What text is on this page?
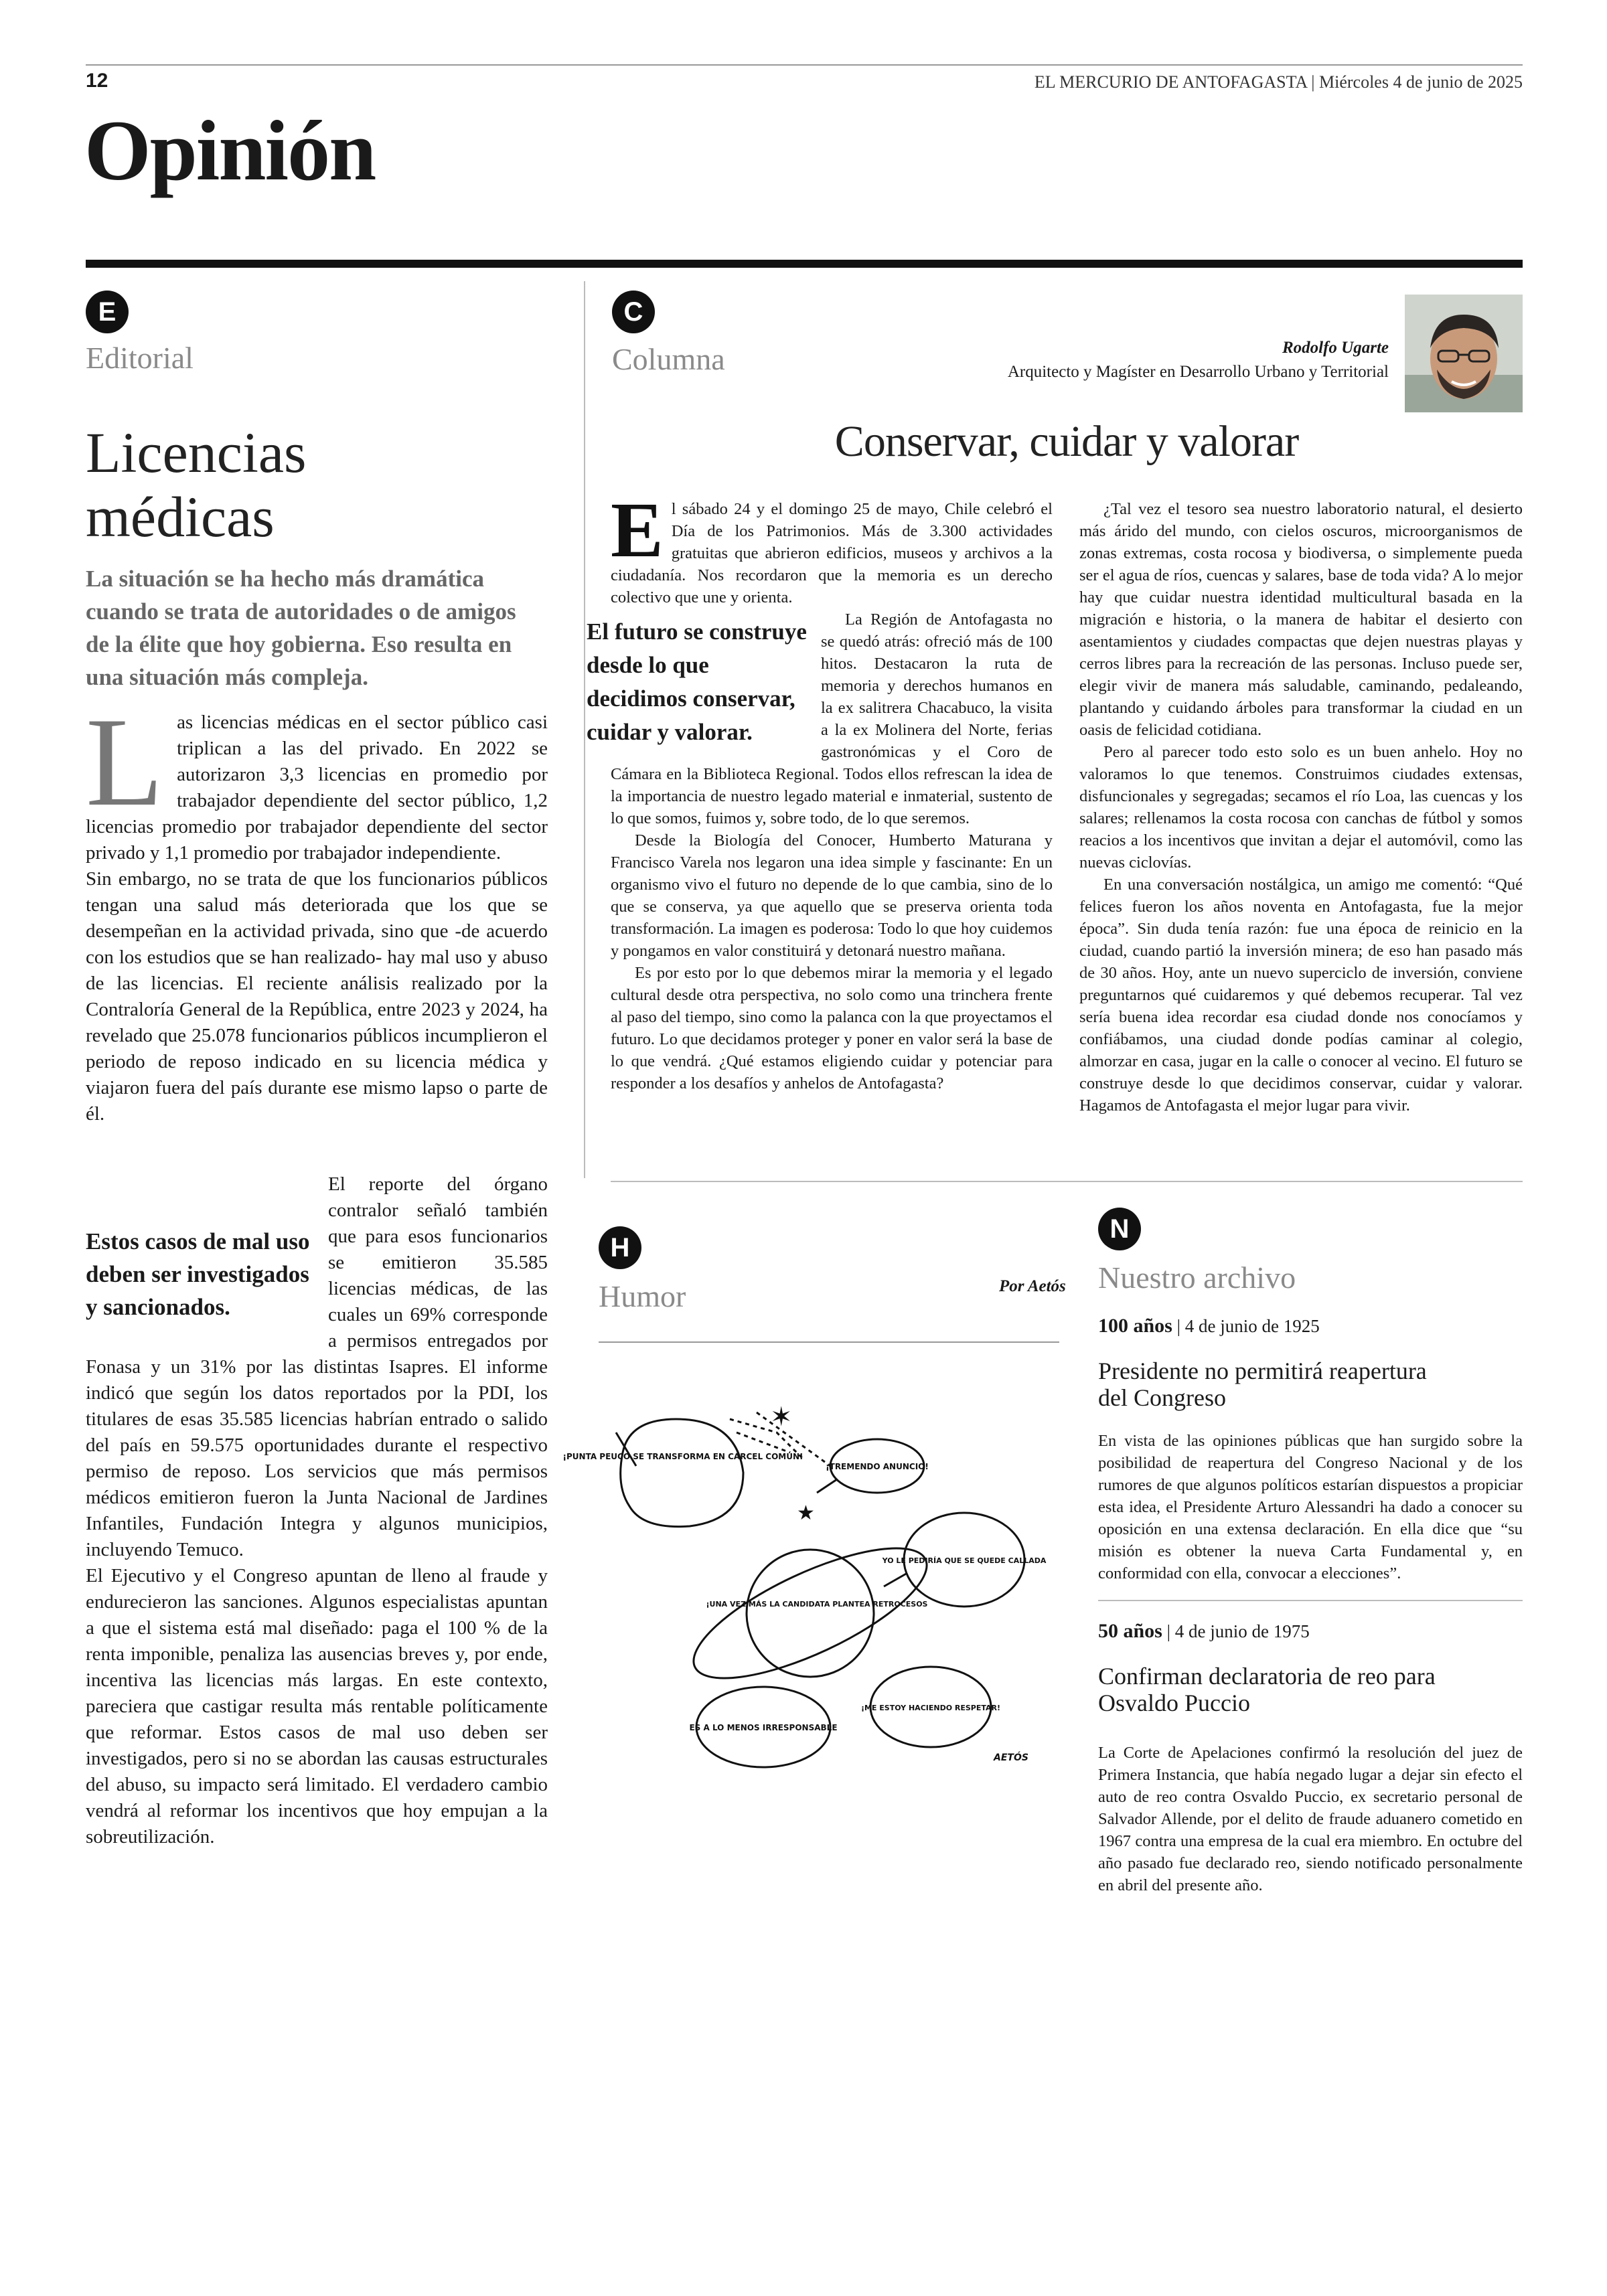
12	EL MERCURIO DE ANTOFAGASTA | Miércoles 4 de junio de 2025
Opinión
E
Editorial
Licencias
médicas
La situación se ha hecho más dramática cuando se trata de autoridades o de amigos de la élite que hoy gobierna. Eso resulta en una situación más compleja.
L as licencias médicas en el sector público casi triplican a las del privado. En 2022 se autorizaron 3,3 licencias en promedio por trabajador dependiente del sector público, 1,2 licencias promedio por trabajador dependiente del sector privado y 1,1 promedio por trabajador independiente.

Sin embargo, no se trata de que los funcionarios públicos tengan una salud más deteriorada que los que se desempeñan en la actividad privada, sino que -de acuerdo con los estudios que se han realizado- hay mal uso y abuso de las licencias. El reciente análisis realizado por la Contraloría General de la República, entre 2023 y 2024, ha revelado que 25.078 funcionarios públicos incumplieron el periodo de reposo indicado en su licencia médica y viajaron fuera del país durante ese mismo lapso o parte de él.

Estos casos de mal uso deben ser investigados y sancionados.

El reporte del órgano contralor señaló también que para esos funcionarios se emitieron 35.585 licencias médicas, de las cuales un 69% corresponde a permisos entregados por Fonasa y un 31% por las distintas Isapres. El informe indicó que según los datos reportados por la PDI, los titulares de esas 35.585 licencias habrían entrado o salido del país en 59.575 oportunidades durante el respectivo permiso de reposo. Los servicios que más permisos médicos emitieron fueron la Junta Nacional de Jardines Infantiles, Fundación Integra y algunos municipios, incluyendo Temuco.

El Ejecutivo y el Congreso apuntan de lleno al fraude y endurecieron las sanciones. Algunos especialistas apuntan a que el sistema está mal diseñado: paga el 100 % de la renta imponible, penaliza las ausencias breves y, por ende, incentiva las licencias más largas. En este contexto, pareciera que castigar resulta más rentable políticamente que reformar. Estos casos de mal uso deben ser investigados, pero si no se abordan las causas estructurales del abuso, su impacto será limitado. El verdadero cambio vendrá al reformar los incentivos que hoy empujan a la sobreutilización.

C
Columna	Rodolfo Ugarte
Arquitecto y Magíster en Desarrollo Urbano y Territorial
Conservar, cuidar y valorar

El sábado 24 y el domingo 25 de mayo, Chile celebró el Día de los Patrimonios. Más de 3.300 actividades gratuitas que abrieron edificios, museos y archivos a la ciudadanía. Nos recordaron que la memoria es un derecho colectivo que une y orienta.

El futuro se construye desde lo que decidimos conservar, cuidar y valorar.
La Región de Antofagasta no se quedó atrás: ofreció más de 100 hitos. Destacaron la ruta de memoria y derechos humanos en la ex salitrera Chacabuco, la visita a la ex Molinera del Norte, ferias gastronómicas y el Coro de Cámara en la Biblioteca Regional. Todos ellos refrescan la idea de la importancia de nuestro legado material e inmaterial, sustento de lo que somos, fuimos y, sobre todo, de lo que seremos.

Desde la Biología del Conocer, Humberto Maturana y Francisco Varela nos legaron una idea simple y fascinante: En un organismo vivo el futuro no depende de lo que cambia, sino de lo que se conserva, ya que aquello que se preserva orienta toda transformación. La imagen es poderosa: Todo lo que hoy cuidemos y pongamos en valor constituirá y detonará nuestro mañana.

Es por esto por lo que debemos mirar la memoria y el legado cultural desde otra perspectiva, no solo como una trinchera frente al paso del tiempo, sino como la palanca con la que proyectamos el futuro. Lo que decidamos proteger y poner en valor será la base de lo que vendrá. ¿Qué estamos eligiendo cuidar y potenciar para responder a los desafíos y anhelos de Antofagasta?

¿Tal vez el tesoro sea nuestro laboratorio natural, el desierto más árido del mundo, con cielos oscuros, microorganismos de zonas extremas, costa rocosa y biodiversa, o simplemente pueda ser el agua de ríos, cuencas y salares, base de toda vida? A lo mejor hay que cuidar nuestra identidad multicultural basada en la migración e historia, o la manera de habitar el desierto con asentamientos y ciudades compactas que dejen nuestras playas y cerros libres para la recreación de las personas. Incluso puede ser, elegir vivir de manera más saludable, caminando, pedaleando, plantando y cuidando árboles para transformar la ciudad en un oasis de felicidad cotidiana.

Pero al parecer todo esto solo es un buen anhelo. Hoy no valoramos lo que tenemos. Construimos ciudades extensas, disfuncionales y segregadas; secamos el río Loa, las cuencas y los salares; rellenamos la costa rocosa con canchas de fútbol y somos reacios a los incentivos que invitan a dejar el automóvil, como las nuevas ciclovías.

En una conversación nostálgica, un amigo me comentó: “Qué felices fueron los años noventa en Antofagasta, fue la mejor época”. Sin duda tenía razón: fue una época de reinicio en la ciudad, cuando partió la inversión minera; de eso han pasado más de 30 años. Hoy, ante un nuevo superciclo de inversión, conviene preguntarnos qué cuidaremos y qué debemos recuperar. Tal vez sería buena idea recordar esa ciudad donde nos conocíamos y confiábamos, una ciudad donde podías caminar al colegio, almorzar en casa, jugar en la calle o conocer al vecino. El futuro se construye desde lo que decidimos conservar, cuidar y valorar. Hagamos de Antofagasta el mejor lugar para vivir.

H
Humor	Por Aetós
✶
★
¡PUNTA PEUCO SE TRANSFORMA EN CÁRCEL COMÚN!
¡TREMENDO ANUNCIO!
YO LE PEDIRÍA QUE SE QUEDE CALLADA
¡UNA VEZ MÁS LA CANDIDATA PLANTEA RETROCESOS
ES A LO MENOS IRRESPONSABLE
¡ME ESTOY HACIENDO RESPETAR!
AETÓS
N
Nuestro archivo
100 años | 4 de junio de 1925
Presidente no permitirá reapertura del Congreso
En vista de las opiniones públicas que han surgido sobre la posibilidad de reapertura del Congreso Nacional y de los rumores de que algunos políticos estarían dispuestos a propiciar esta idea, el Presidente Arturo Alessandri ha dado a conocer su oposición en una extensa declaración. En ella dice que “su misión es obtener la nueva Carta Fundamental y, en conformidad con ella, convocar a elecciones”.
50 años | 4 de junio de 1975
Confirman declaratoria de reo para Osvaldo Puccio
La Corte de Apelaciones confirmó la resolución del juez de Primera Instancia, que había negado lugar a dejar sin efecto el auto de reo contra Osvaldo Puccio, ex secretario personal de Salvador Allende, por el delito de fraude aduanero cometido en 1967 contra una empresa de la cual era miembro. En octubre del año pasado fue declarado reo, siendo notificado personalmente en abril del presente año.
